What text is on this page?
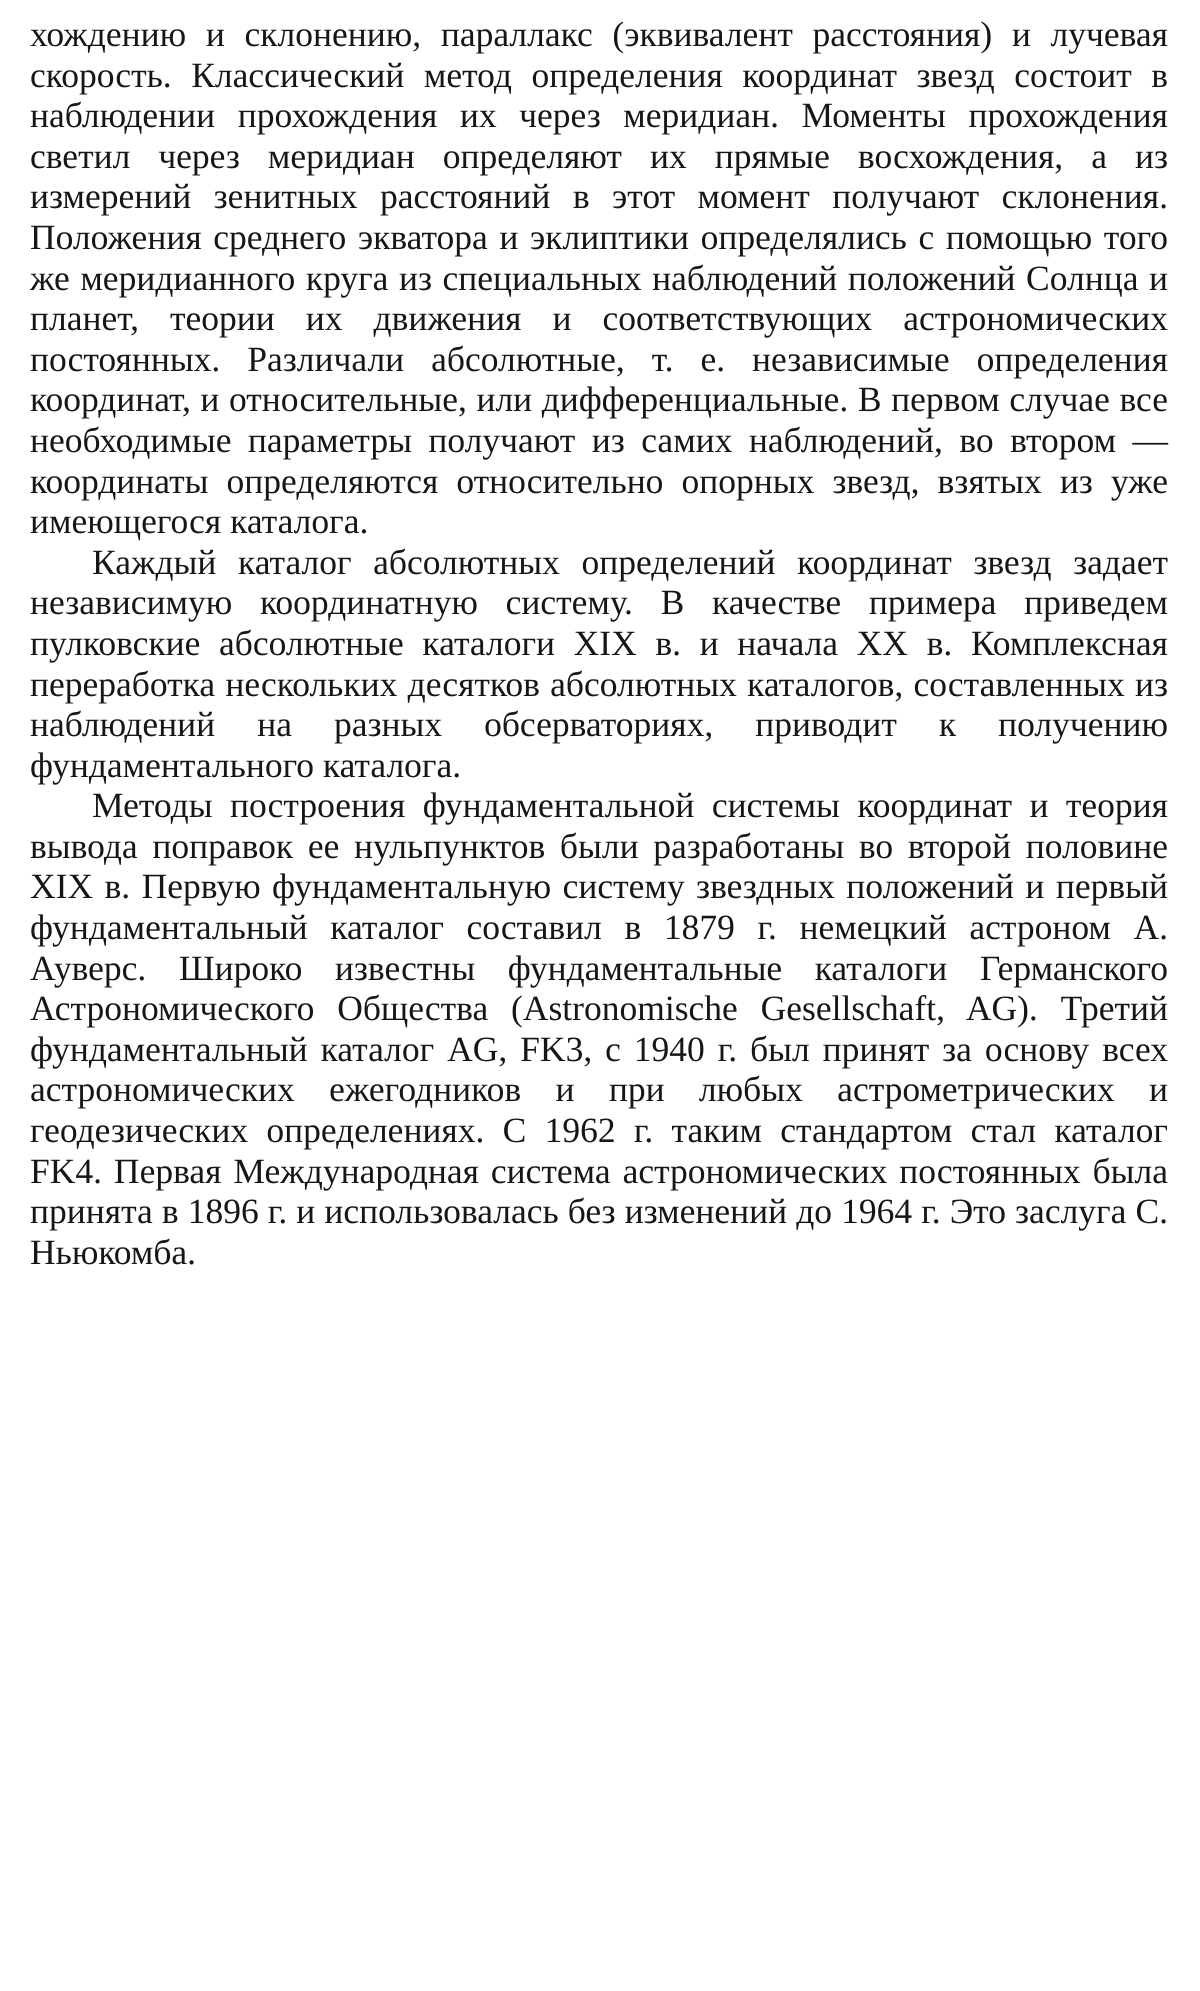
хождению и склонению, параллакс (эквивалент расстояния) и лучевая скорость. Классический метод определения координат звезд состоит в наблюдении прохождения их через меридиан. Моменты прохождения светил через меридиан определяют их прямые восхождения, а из измерений зенитных расстояний в этот момент получают склонения. Положения среднего экватора и эклиптики определялись с помощью того же меридианного круга из специальных наблюдений положений Солнца и планет, теории их движения и соответствующих астрономических постоянных. Различали абсолютные, т. е. независимые определения координат, и относительные, или дифференциальные. В первом случае все необходимые параметры получают из самих наблюдений, во втором — координаты определяются относительно опорных звезд, взятых из уже имеющегося каталога.

Каждый каталог абсолютных определений координат звезд задает независимую координатную систему. В качестве примера приведем пулковские абсолютные каталоги XIX в. и начала XX в. Комплексная переработка нескольких десятков абсолютных каталогов, составленных из наблюдений на разных обсерваториях, приводит к получению фундаментального каталога.

Методы построения фундаментальной системы координат и теория вывода поправок ее нульпунктов были разработаны во второй половине XIX в. Первую фундаментальную систему звездных положений и первый фундаментальный каталог составил в 1879 г. немецкий астроном А. Ауверс. Широко известны фундаментальные каталоги Германского Астрономического Общества (Astronomische Gesellschaft, AG). Третий фундаментальный каталог AG, FK3, с 1940 г. был принят за основу всех астрономических ежегодников и при любых астрометрических и геодезических определениях. С 1962 г. таким стандартом стал каталог FK4. Первая Международная система астрономических постоянных была принята в 1896 г. и использовалась без изменений до 1964 г. Это заслуга С. Ньюкомба.
